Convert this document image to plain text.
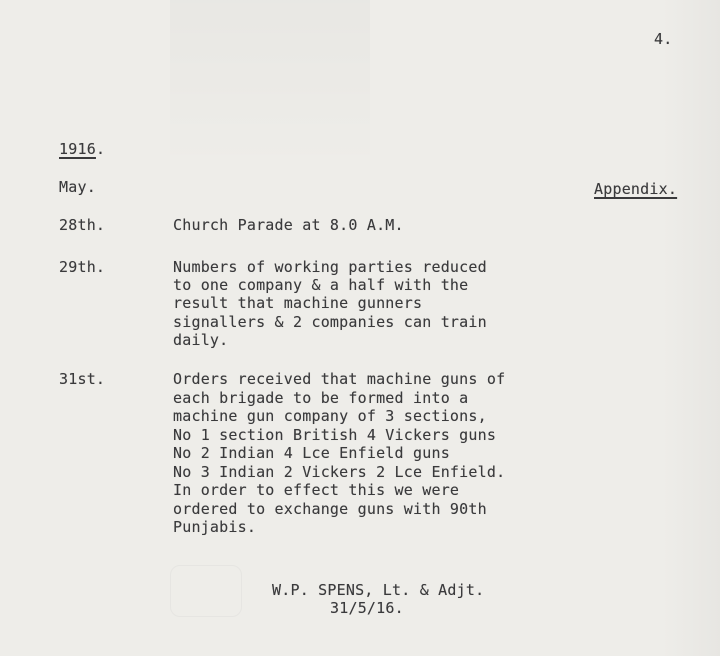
4.
1916.
May.	Appendix.
28th.	Church Parade at 8.0 A.M.
29th.	Numbers of working parties reduced
to one company & a half with the
result that machine gunners
signallers & 2 companies can train
daily.
31st.	Orders received that machine guns of
each brigade to be formed into a
machine gun company of 3 sections,
No 1 section British 4 Vickers guns
No 2 Indian 4 Lce Enfield guns
No 3 Indian 2 Vickers 2 Lce Enfield.
In order to effect this we were
ordered to exchange guns with 90th
Punjabis.
W.P. SPENS, Lt. & Adjt.
31/5/16.
